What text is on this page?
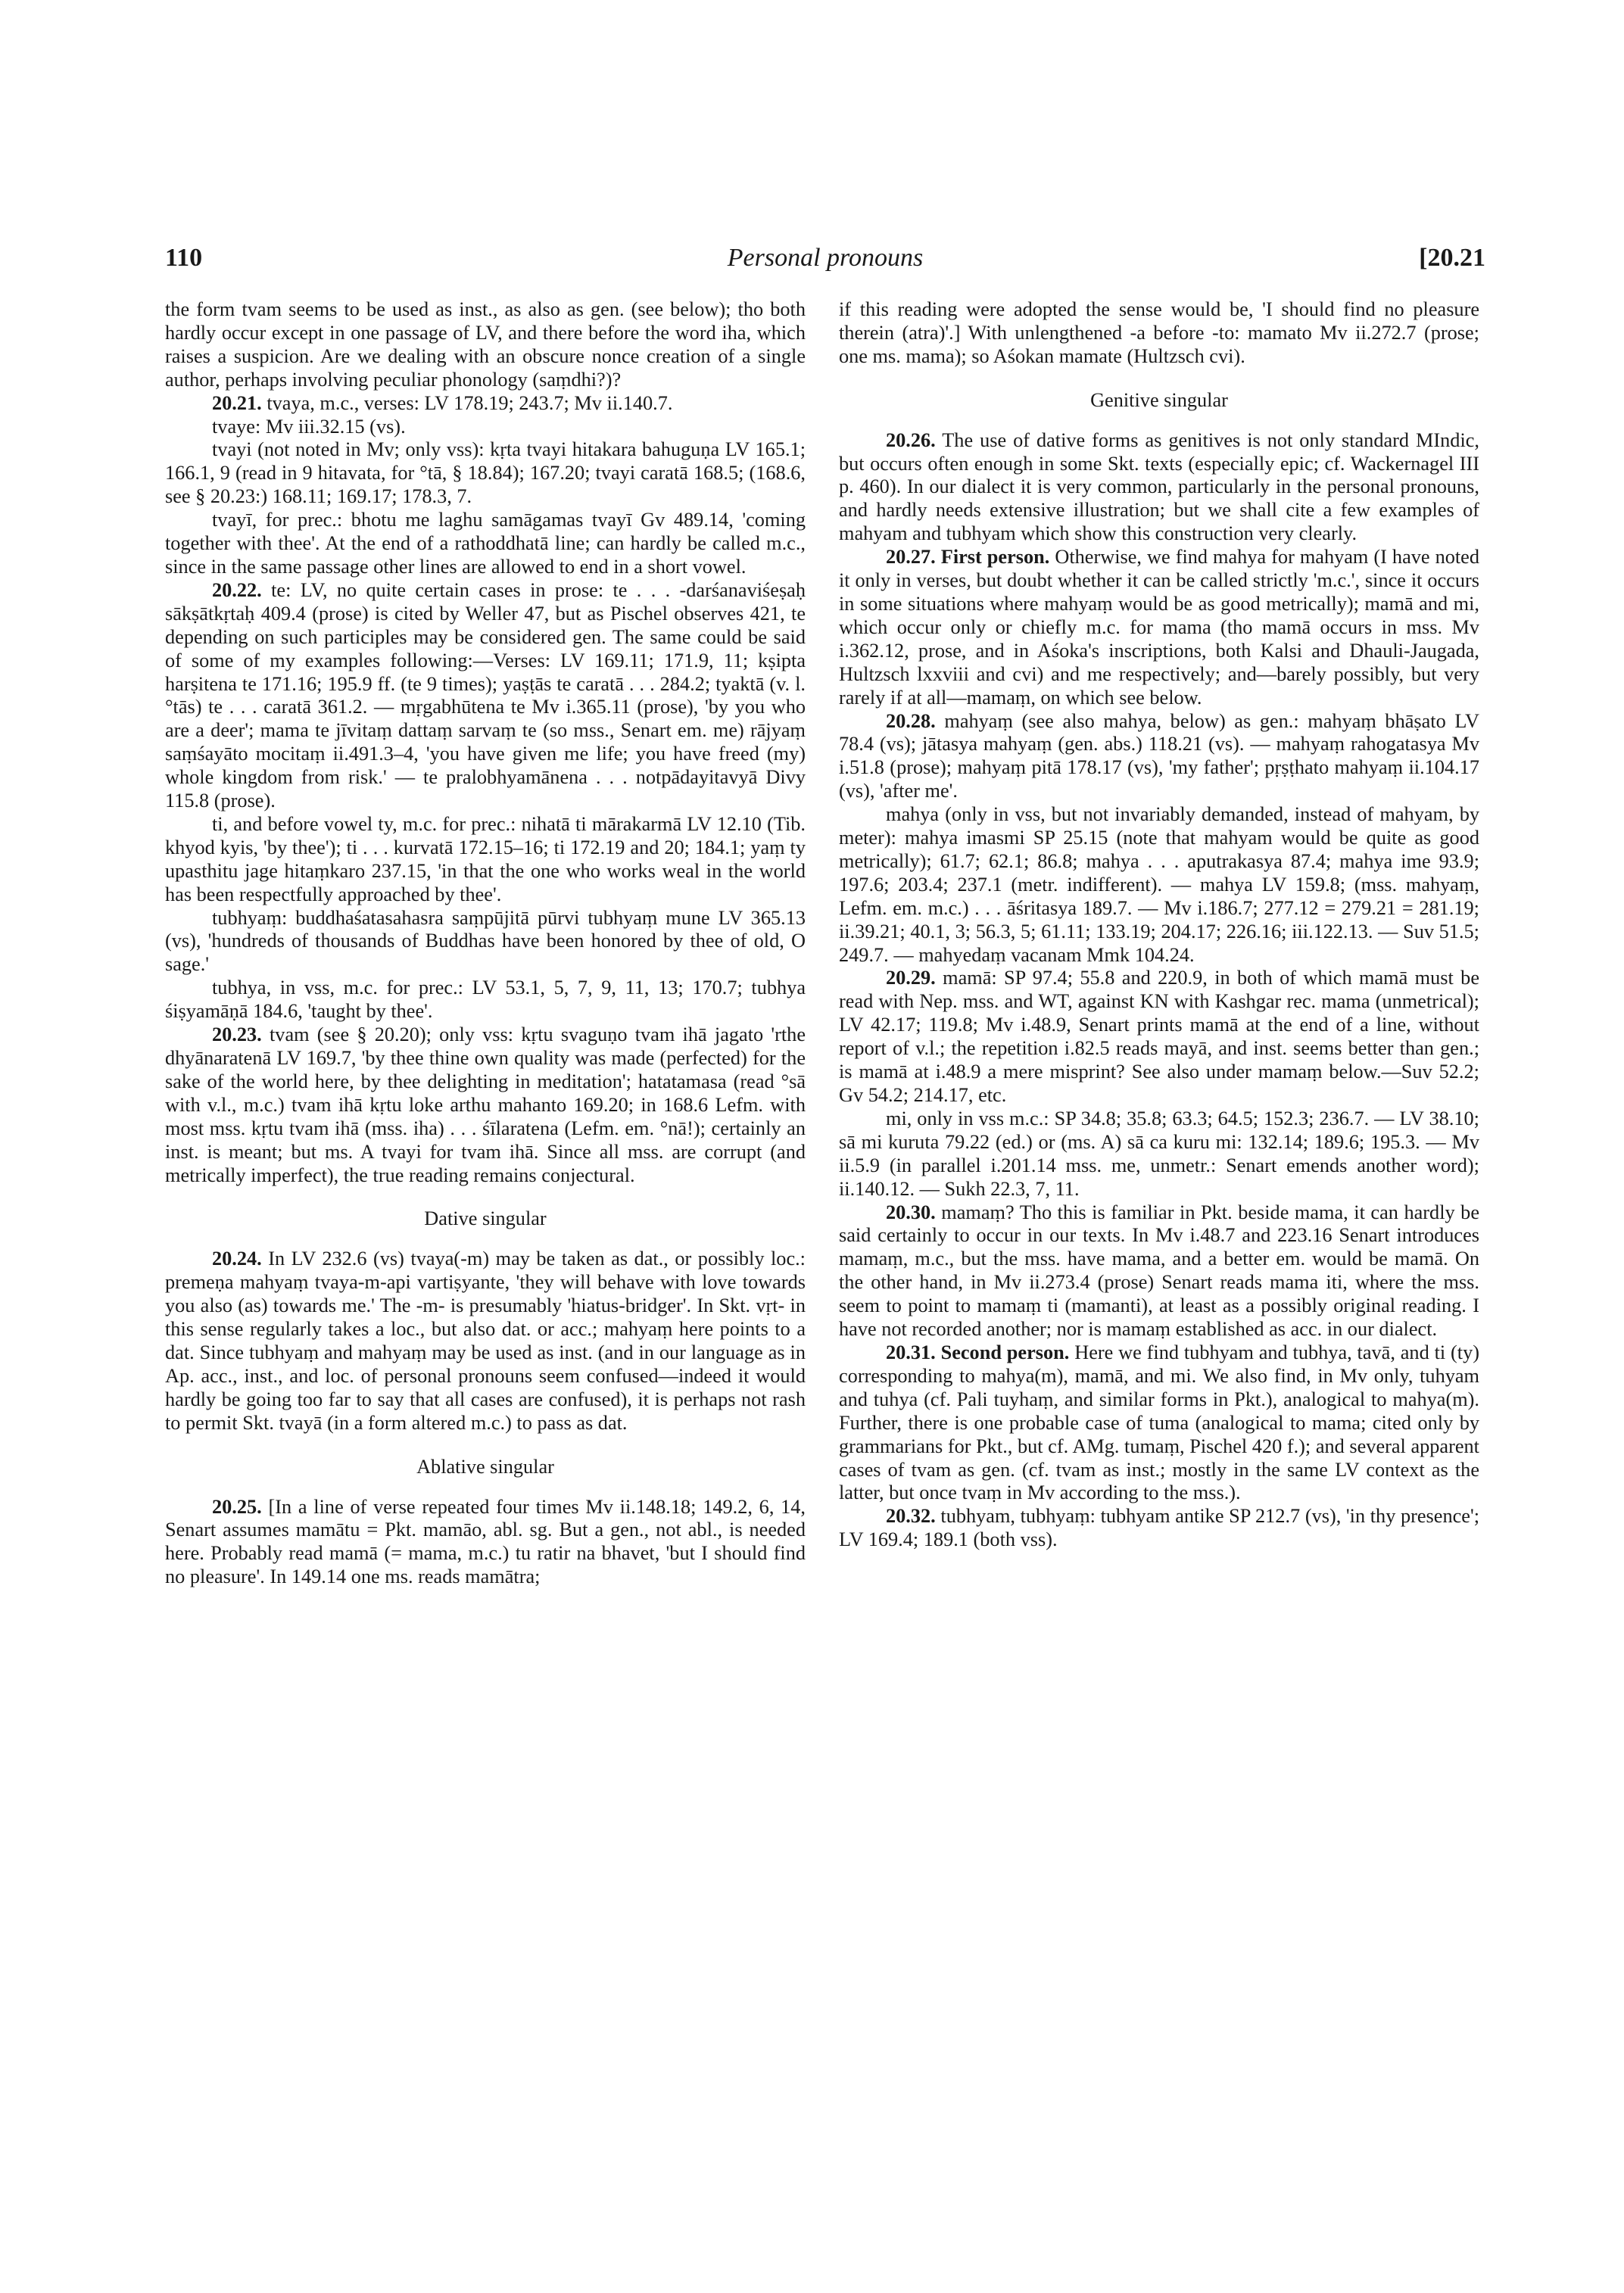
110	Personal pronouns	[20.21

the form tvam seems to be used as inst., as also as gen. (see below); tho both hardly occur except in one passage of LV, and there before the word iha, which raises a suspicion. Are we dealing with an obscure nonce creation of a single author, perhaps involving peculiar phonology (saṃdhi?)?

20.21. tvaya, m.c., verses: LV 178.19; 243.7; Mv ii.140.7.

tvaye: Mv iii.32.15 (vs).

tvayi (not noted in Mv; only vss): kṛta tvayi hitakara bahuguṇa LV 165.1; 166.1, 9 (read in 9 hitavata, for °tā, § 18.84); 167.20; tvayi caratā 168.5; (168.6, see § 20.23:) 168.11; 169.17; 178.3, 7.

tvayī, for prec.: bhotu me laghu samāgamas tvayī Gv 489.14, 'coming together with thee'. At the end of a rathoddhatā line; can hardly be called m.c., since in the same passage other lines are allowed to end in a short vowel.

20.22. te: LV, no quite certain cases in prose: te . . . -darśanaviśeṣaḥ sākṣātkṛtaḥ 409.4 (prose) is cited by Weller 47, but as Pischel observes 421, te depending on such participles may be considered gen. The same could be said of some of my examples following:—Verses: LV 169.11; 171.9, 11; kṣipta harṣitena te 171.16; 195.9 ff. (te 9 times); yaṣṭās te caratā . . . 284.2; tyaktā (v. l. °tās) te . . . caratā 361.2. — mṛgabhūtena te Mv i.365.11 (prose), 'by you who are a deer'; mama te jīvitaṃ dattaṃ sarvaṃ te (so mss., Senart em. me) rājyaṃ saṃśayāto mocitaṃ ii.491.3–4, 'you have given me life; you have freed (my) whole kingdom from risk.' — te pralobhyamānena . . . notpādayitavyā Divy 115.8 (prose).

ti, and before vowel ty, m.c. for prec.: nihatā ti mārakarmā LV 12.10 (Tib. khyod kyis, 'by thee'); ti . . . kurvatā 172.15–16; ti 172.19 and 20; 184.1; yaṃ ty upasthitu jage hitaṃkaro 237.15, 'in that the one who works weal in the world has been respectfully approached by thee'.

tubhyaṃ: buddhaśatasahasra saṃpūjitā pūrvi tubhyaṃ mune LV 365.13 (vs), 'hundreds of thousands of Buddhas have been honored by thee of old, O sage.'

tubhya, in vss, m.c. for prec.: LV 53.1, 5, 7, 9, 11, 13; 170.7; tubhya śiṣyamāṇā 184.6, 'taught by thee'.

20.23. tvam (see § 20.20); only vss: kṛtu svaguṇo tvam ihā jagato 'rthe dhyānaratenā LV 169.7, 'by thee thine own quality was made (perfected) for the sake of the world here, by thee delighting in meditation'; hatatamasa (read °sā with v.l., m.c.) tvam ihā kṛtu loke arthu mahanto 169.20; in 168.6 Lefm. with most mss. kṛtu tvam ihā (mss. iha) . . . śīlaratena (Lefm. em. °nā!); certainly an inst. is meant; but ms. A tvayi for tvam ihā. Since all mss. are corrupt (and metrically imperfect), the true reading remains conjectural.

Dative singular

20.24. In LV 232.6 (vs) tvaya(-m) may be taken as dat., or possibly loc.: premeṇa mahyaṃ tvaya-m-api vartiṣyante, 'they will behave with love towards you also (as) towards me.' The -m- is presumably 'hiatus-bridger'. In Skt. vṛt- in this sense regularly takes a loc., but also dat. or acc.; mahyaṃ here points to a dat. Since tubhyaṃ and mahyaṃ may be used as inst. (and in our language as in Ap. acc., inst., and loc. of personal pronouns seem confused—indeed it would hardly be going too far to say that all cases are confused), it is perhaps not rash to permit Skt. tvayā (in a form altered m.c.) to pass as dat.

Ablative singular

20.25. [In a line of verse repeated four times Mv ii.148.18; 149.2, 6, 14, Senart assumes mamātu = Pkt. mamāo, abl. sg. But a gen., not abl., is needed here. Probably read mamā (= mama, m.c.) tu ratir na bhavet, 'but I should find no pleasure'. In 149.14 one ms. reads mamātra;

if this reading were adopted the sense would be, 'I should find no pleasure therein (atra)'.] With unlengthened -a before -to: mamato Mv ii.272.7 (prose; one ms. mama); so Aśokan mamate (Hultzsch cvi).

Genitive singular

20.26. The use of dative forms as genitives is not only standard MIndic, but occurs often enough in some Skt. texts (especially epic; cf. Wackernagel III p. 460). In our dialect it is very common, particularly in the personal pronouns, and hardly needs extensive illustration; but we shall cite a few examples of mahyam and tubhyam which show this construction very clearly.

20.27. First person. Otherwise, we find mahya for mahyam (I have noted it only in verses, but doubt whether it can be called strictly 'm.c.', since it occurs in some situations where mahyaṃ would be as good metrically); mamā and mi, which occur only or chiefly m.c. for mama (tho mamā occurs in mss. Mv i.362.12, prose, and in Aśoka's inscriptions, both Kalsi and Dhauli-Jaugada, Hultzsch lxxviii and cvi) and me respectively; and—barely possibly, but very rarely if at all—mamaṃ, on which see below.

20.28. mahyaṃ (see also mahya, below) as gen.: mahyaṃ bhāṣato LV 78.4 (vs); jātasya mahyaṃ (gen. abs.) 118.21 (vs). — mahyaṃ rahogatasya Mv i.51.8 (prose); mahyaṃ pitā 178.17 (vs), 'my father'; pṛṣṭhato mahyaṃ ii.104.17 (vs), 'after me'.

mahya (only in vss, but not invariably demanded, instead of mahyam, by meter): mahya imasmi SP 25.15 (note that mahyam would be quite as good metrically); 61.7; 62.1; 86.8; mahya . . . aputrakasya 87.4; mahya ime 93.9; 197.6; 203.4; 237.1 (metr. indifferent). — mahya LV 159.8; (mss. mahyaṃ, Lefm. em. m.c.) . . . āśritasya 189.7. — Mv i.186.7; 277.12 = 279.21 = 281.19; ii.39.21; 40.1, 3; 56.3, 5; 61.11; 133.19; 204.17; 226.16; iii.122.13. — Suv 51.5; 249.7. — mahyedaṃ vacanam Mmk 104.24.

20.29. mamā: SP 97.4; 55.8 and 220.9, in both of which mamā must be read with Nep. mss. and WT, against KN with Kashgar rec. mama (unmetrical); LV 42.17; 119.8; Mv i.48.9, Senart prints mamā at the end of a line, without report of v.l.; the repetition i.82.5 reads mayā, and inst. seems better than gen.; is mamā at i.48.9 a mere misprint? See also under mamaṃ below.—Suv 52.2; Gv 54.2; 214.17, etc.

mi, only in vss m.c.: SP 34.8; 35.8; 63.3; 64.5; 152.3; 236.7. — LV 38.10; sā mi kuruta 79.22 (ed.) or (ms. A) sā ca kuru mi: 132.14; 189.6; 195.3. — Mv ii.5.9 (in parallel i.201.14 mss. me, unmetr.: Senart emends another word); ii.140.12. — Sukh 22.3, 7, 11.

20.30. mamaṃ? Tho this is familiar in Pkt. beside mama, it can hardly be said certainly to occur in our texts. In Mv i.48.7 and 223.16 Senart introduces mamaṃ, m.c., but the mss. have mama, and a better em. would be mamā. On the other hand, in Mv ii.273.4 (prose) Senart reads mama iti, where the mss. seem to point to mamaṃ ti (mamanti), at least as a possibly original reading. I have not recorded another; nor is mamaṃ established as acc. in our dialect.

20.31. Second person. Here we find tubhyam and tubhya, tavā, and ti (ty) corresponding to mahya(m), mamā, and mi. We also find, in Mv only, tuhyam and tuhya (cf. Pali tuyhaṃ, and similar forms in Pkt.), analogical to mahya(m). Further, there is one probable case of tuma (analogical to mama; cited only by grammarians for Pkt., but cf. AMg. tumaṃ, Pischel 420 f.); and several apparent cases of tvam as gen. (cf. tvam as inst.; mostly in the same LV context as the latter, but once tvaṃ in Mv according to the mss.).

20.32. tubhyam, tubhyaṃ: tubhyam antike SP 212.7 (vs), 'in thy presence'; LV 169.4; 189.1 (both vss).
